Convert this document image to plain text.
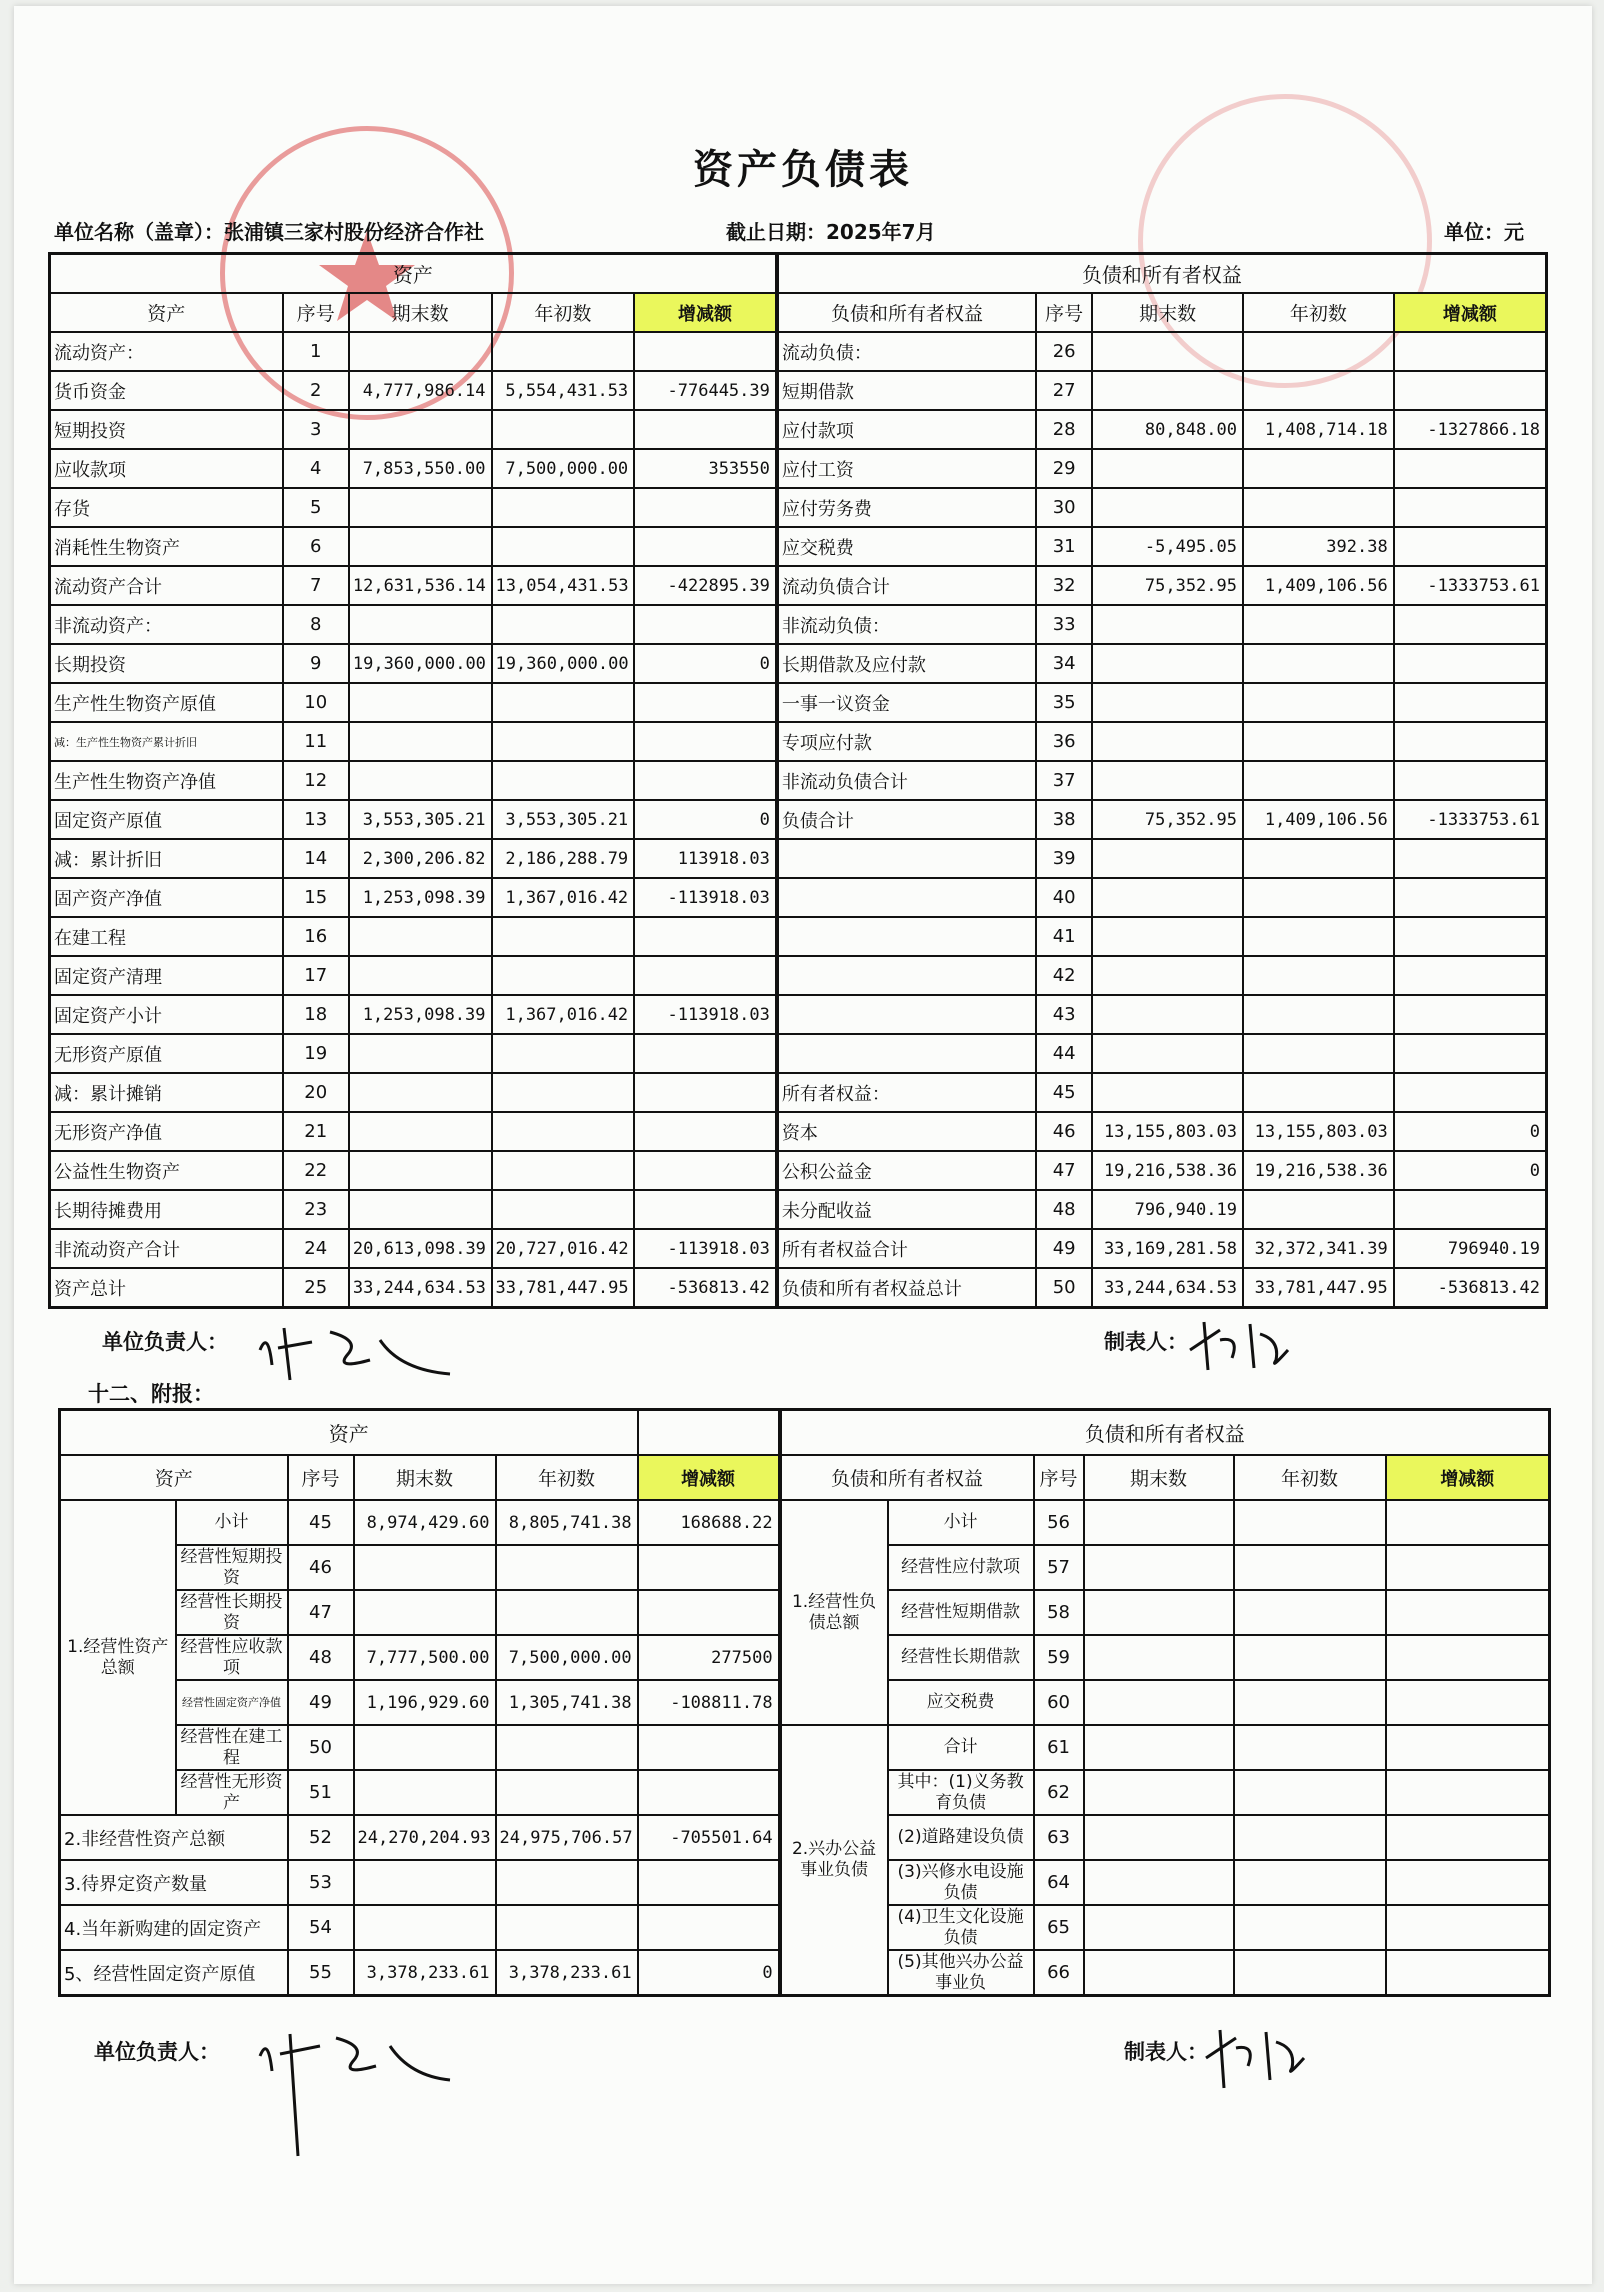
资产负债表
单位名称（盖章）：张浦镇三家村股份经济合作社	截止日期：2025年7月	单位：元
资产					负债和所有者权益				
资产	序号	期末数	年初数	增减额	负债和所有者权益	序号	期末数	年初数	增减额
流动资产：	1				流动负债：	26			
货币资金	2	4,777,986.14	5,554,431.53	-776445.39	短期借款	27			
短期投资	3				应付款项	28	80,848.00	1,408,714.18	-1327866.18
应收款项	4	7,853,550.00	7,500,000.00	353550	应付工资	29			
存货	5				应付劳务费	30			
消耗性生物资产	6				应交税费	31	-5,495.05	392.38	
流动资产合计	7	12,631,536.14	13,054,431.53	-422895.39	流动负债合计	32	75,352.95	1,409,106.56	-1333753.61
非流动资产：	8				非流动负债：	33			
长期投资	9	19,360,000.00	19,360,000.00	0	长期借款及应付款	34			
生产性生物资产原值	10				一事一议资金	35			
减：生产性生物资产累计折旧	11				专项应付款	36			
生产性生物资产净值	12				非流动负债合计	37			
固定资产原值	13	3,553,305.21	3,553,305.21	0	负债合计	38	75,352.95	1,409,106.56	-1333753.61
减：累计折旧	14	2,300,206.82	2,186,288.79	113918.03		39			
固产资产净值	15	1,253,098.39	1,367,016.42	-113918.03		40			
在建工程	16					41			
固定资产清理	17					42			
固定资产小计	18	1,253,098.39	1,367,016.42	-113918.03		43			
无形资产原值	19					44			
减：累计摊销	20				所有者权益：	45			
无形资产净值	21				资本	46	13,155,803.03	13,155,803.03	0
公益性生物资产	22				公积公益金	47	19,216,538.36	19,216,538.36	0
长期待摊费用	23				未分配收益	48	796,940.19		
非流动资产合计	24	20,613,098.39	20,727,016.42	-113918.03	所有者权益合计	49	33,169,281.58	32,372,341.39	796940.19
资产总计	25	33,244,634.53	33,781,447.95	-536813.42	负债和所有者权益总计	50	33,244,634.53	33,781,447.95	-536813.42
单位负责人：	制表人：
十二、附报：
资产						负债和所有者权益					
资产		序号	期末数	年初数	增减额	负债和所有者权益		序号	期末数	年初数	增减额
1.经营性资产总额	小计	45	8,974,429.60	8,805,741.38	168688.22	1.经营性负债总额	小计	56			
	经营性短期投资	46					经营性应付款项	57			
	经营性长期投资	47					经营性短期借款	58			
	经营性应收款项	48	7,777,500.00	7,500,000.00	277500		经营性长期借款	59			
	经营性固定资产净值	49	1,196,929.60	1,305,741.38	-108811.78		应交税费	60			
	经营性在建工程	50				2.兴办公益事业负债	合计	61			
	经营性无形资产	51					其中：(1)义务教育负债	62			
2.非经营性资产总额		52	24,270,204.93	24,975,706.57	-705501.64		(2)道路建设负债	63			
3.待界定资产数量		53					(3)兴修水电设施负债	64			
4.当年新购建的固定资产		54					(4)卫生文化设施负债	65			
5、经营性固定资产原值		55	3,378,233.61	3,378,233.61	0		(5)其他兴办公益事业负	66			
单位负责人：	制表人：
